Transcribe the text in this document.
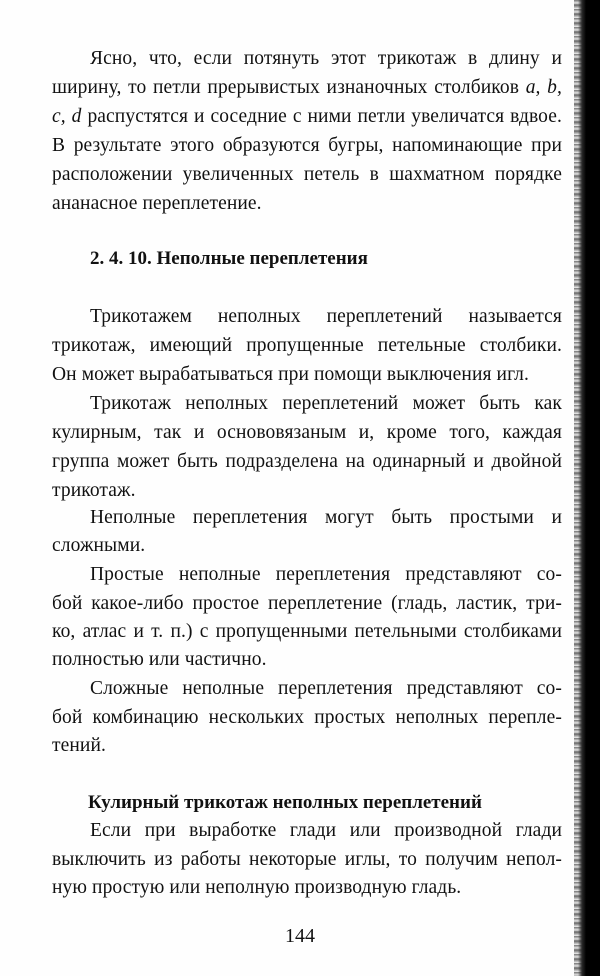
Ясно, что, если потянуть этот трикотаж в длину и
ширину, то петли прерывистых изнаночных столбиков a, b,
c, d распустятся и соседние с ними петли увеличатся вдвое.
В результате этого образуются бугры, напоминающие при
расположении увеличенных петель в шахматном порядке
ананасное переплетение.
2. 4. 10. Неполные переплетения
Трикотажем неполных переплетений называется
трикотаж, имеющий пропущенные петельные столбики.
Он может вырабатываться при помощи выключения игл.
Трикотаж неполных переплетений может быть как
кулирным, так и основовязаным и, кроме того, каждая
группа может быть подразделена на одинарный и двойной
трикотаж.
Неполные переплетения могут быть простыми и
сложными.
Простые неполные переплетения представляют со-
бой какое-либо простое переплетение (гладь, ластик, три-
ко, атлас и т. п.) с пропущенными петельными столбиками
полностью или частично.
Сложные неполные переплетения представляют со-
бой комбинацию нескольких простых неполных перепле-
тений.
Кулирный трикотаж неполных переплетений
Если при выработке глади или производной глади
выключить из работы некоторые иглы, то получим непол-
ную простую или неполную производную гладь.
144
